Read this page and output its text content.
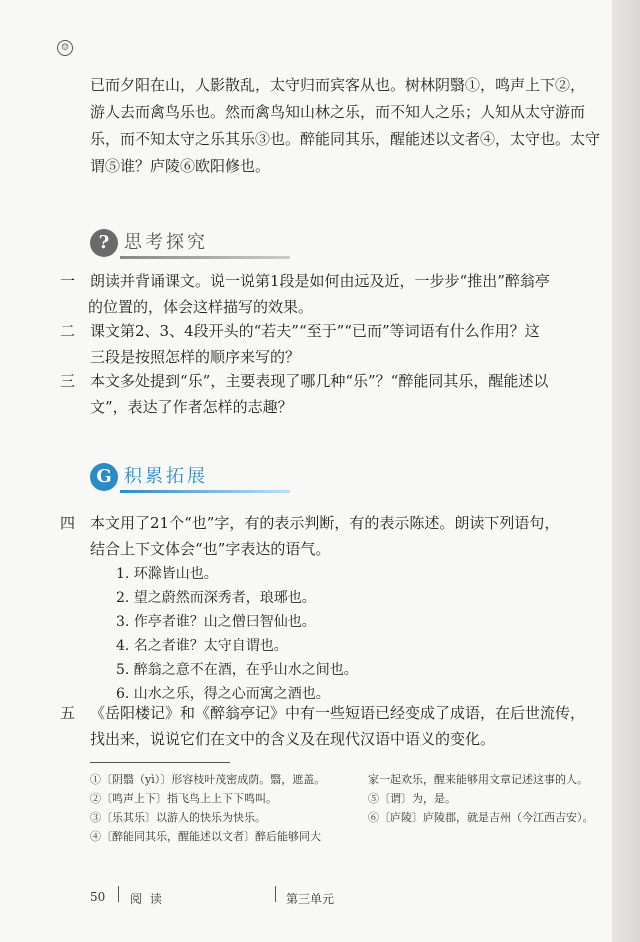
☺

已而夕阳在山，人影散乱，太守归而宾客从也。树林阴翳①，鸣声上下②，

游人去而禽鸟乐也。然而禽鸟知山林之乐，而不知人之乐；人知从太守游而

乐，而不知太守之乐其乐③也。醉能同其乐，醒能述以文者④，太守也。太守

谓⑤谁？庐陵⑥欧阳修也。

? 思考探究
一 朗读并背诵课文。说一说第1段是如何由远及近，一步步“推出”醉翁亭
的位置的，体会这样描写的效果。
二 课文第2、3、4段开头的“若夫”“至于”“已而”等词语有什么作用？这
三段是按照怎样的顺序来写的？
三 本文多处提到“乐”，主要表现了哪几种“乐”？“醉能同其乐，醒能述以
文”，表达了作者怎样的志趣？
G 积累拓展
四 本文用了21个“也”字，有的表示判断，有的表示陈述。朗读下列语句，
结合上下文体会“也”字表达的语气。
1. 环滁皆山也。
2. 望之蔚然而深秀者，琅琊也。
3. 作亭者谁？山之僧曰智仙也。
4. 名之者谁？太守自谓也。
5. 醉翁之意不在酒，在乎山水之间也。
6. 山水之乐，得之心而寓之酒也。
五 《岳阳楼记》和《醉翁亭记》中有一些短语已经变成了成语，在后世流传，
找出来，说说它们在文中的含义及在现代汉语中语义的变化。
①〔阴翳（yì）〕形容枝叶茂密成荫。翳，遮盖。
②〔鸣声上下〕指飞鸟上上下下鸣叫。
③〔乐其乐〕以游人的快乐为快乐。
④〔醉能同其乐，醒能述以文者〕醉后能够同大
家一起欢乐，醒来能够用文章记述这事的人。
⑤〔谓〕为，是。
⑥〔庐陵〕庐陵郡，就是吉州（今江西吉安）。
50 阅 读	第三单元
